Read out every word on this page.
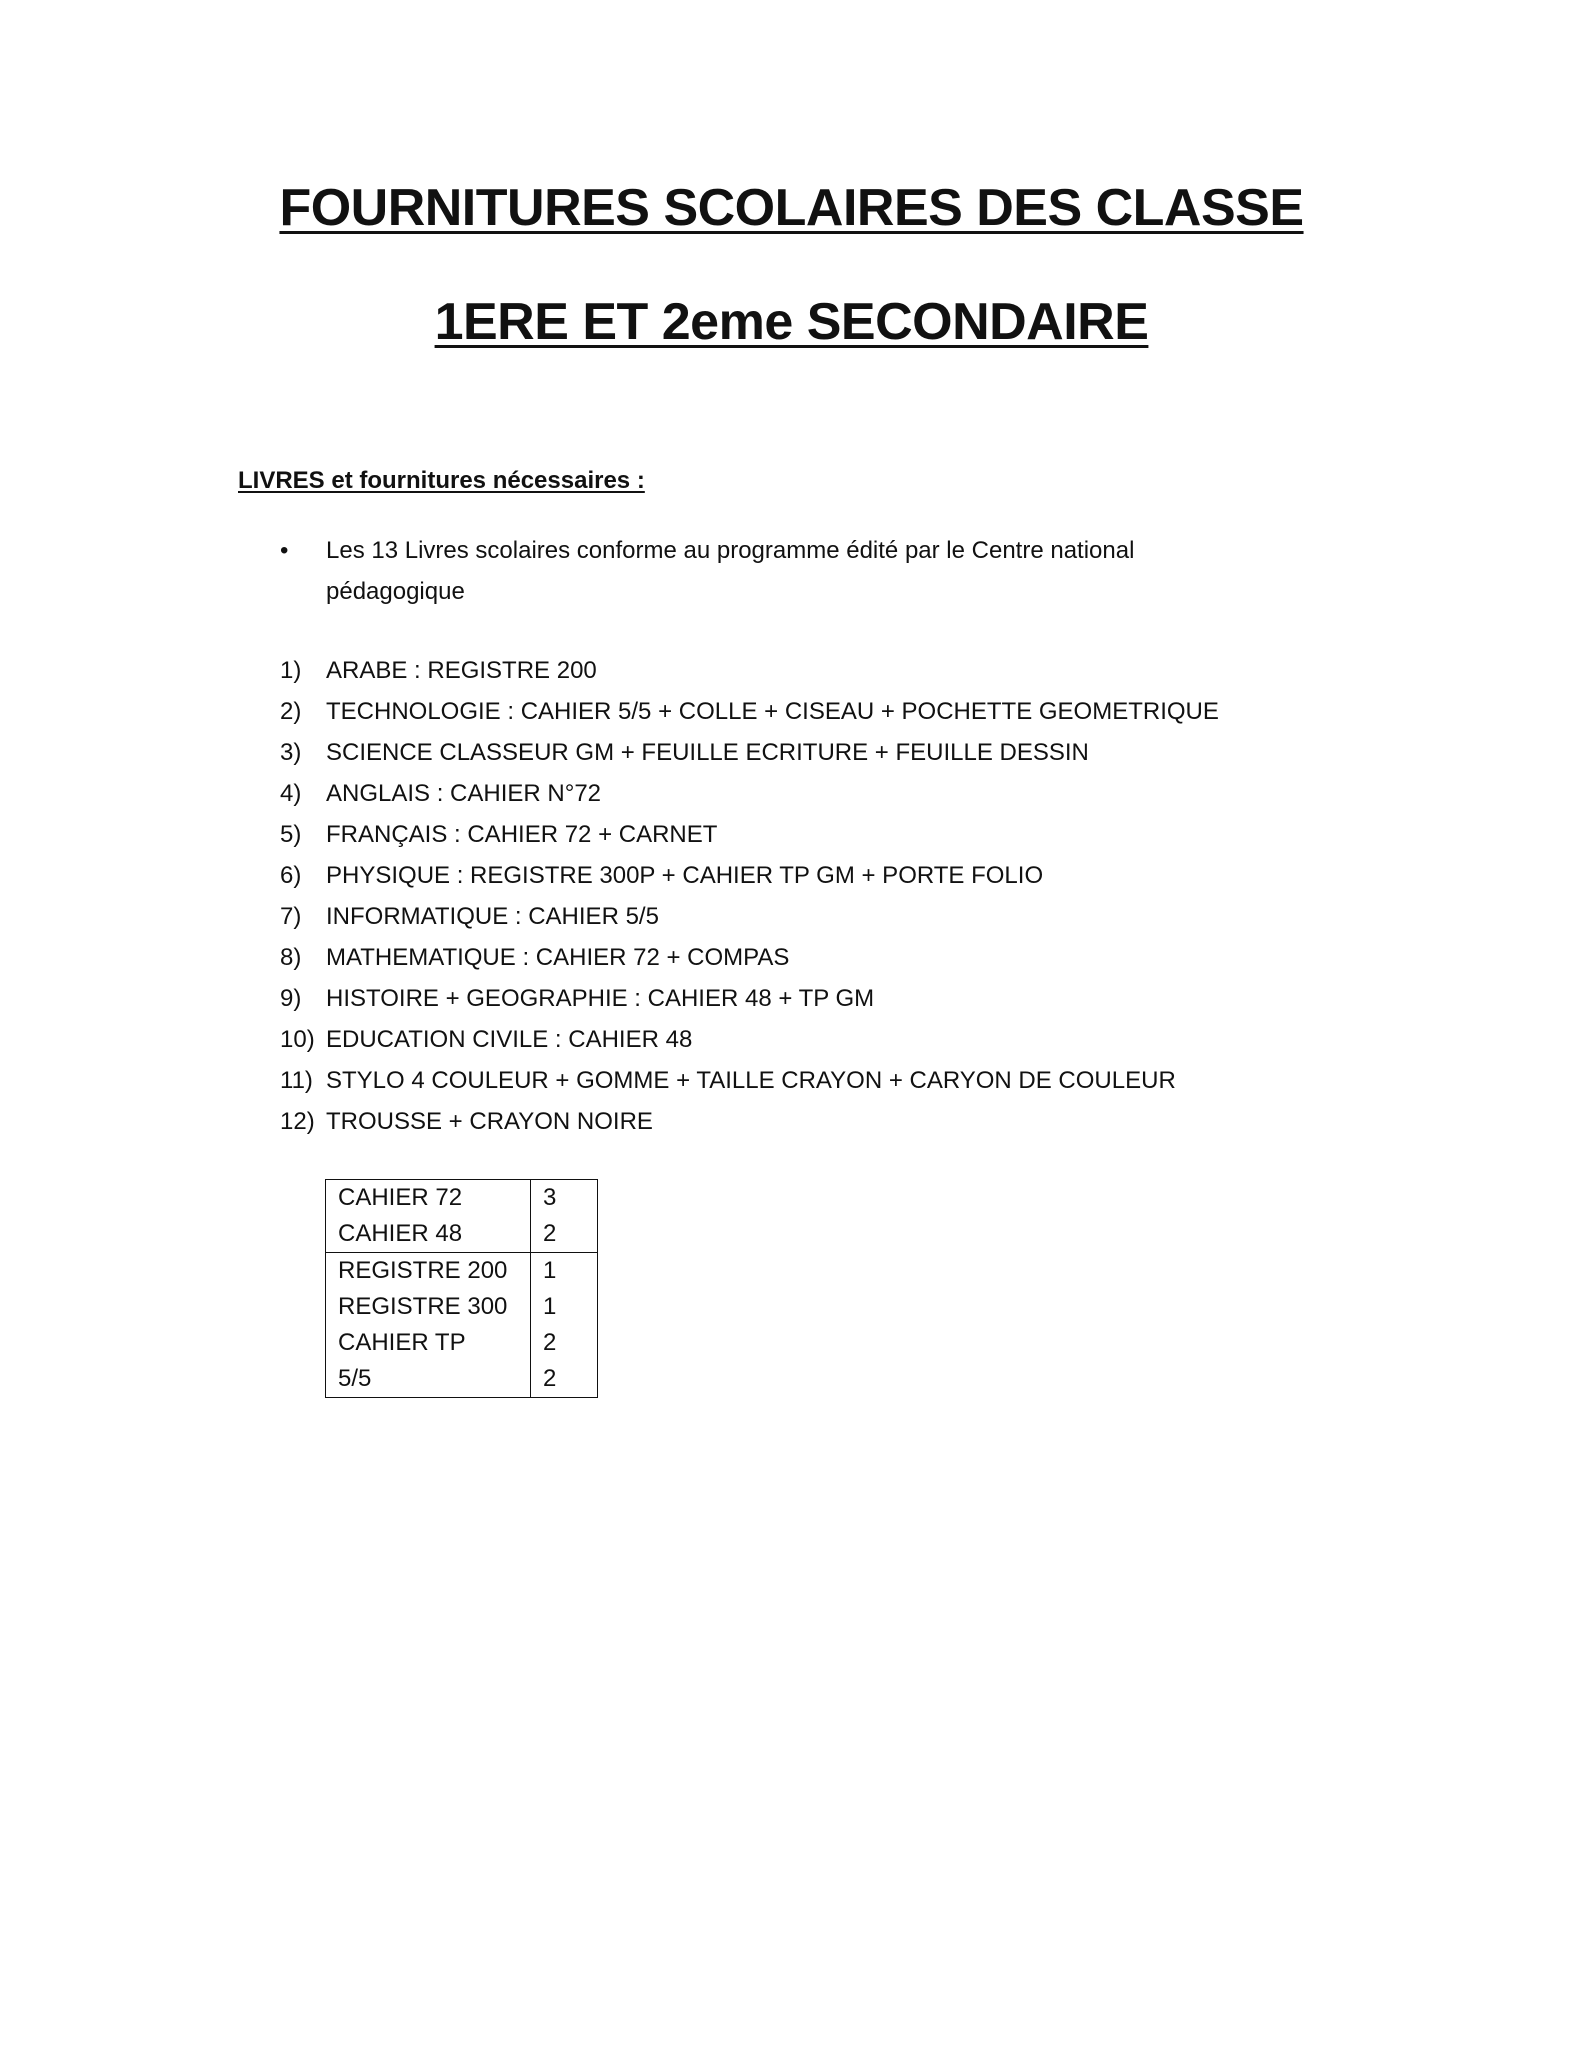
FOURNITURES SCOLAIRES DES CLASSE
1ERE ET 2eme SECONDAIRE
LIVRES et fournitures nécessaires :
• Les 13 Livres scolaires conforme au programme édité par le Centre national pédagogique
1)	ARABE : REGISTRE 200
2)	TECHNOLOGIE : CAHIER 5/5 + COLLE + CISEAU + POCHETTE GEOMETRIQUE
3)	SCIENCE CLASSEUR GM + FEUILLE ECRITURE + FEUILLE DESSIN
4)	ANGLAIS : CAHIER N°72
5)	FRANÇAIS : CAHIER 72 + CARNET
6)	PHYSIQUE : REGISTRE 300P + CAHIER TP GM + PORTE FOLIO
7)	INFORMATIQUE : CAHIER 5/5
8)	MATHEMATIQUE : CAHIER 72 + COMPAS
9)	HISTOIRE + GEOGRAPHIE : CAHIER 48 + TP GM
10) EDUCATION CIVILE : CAHIER 48
11) STYLO 4 COULEUR + GOMME + TAILLE CRAYON + CARYON DE COULEUR
12) TROUSSE + CRAYON NOIRE
CAHIER 72	3
CAHIER 48	2
REGISTRE 200	1
REGISTRE 300	1
CAHIER TP	2
5/5	2
